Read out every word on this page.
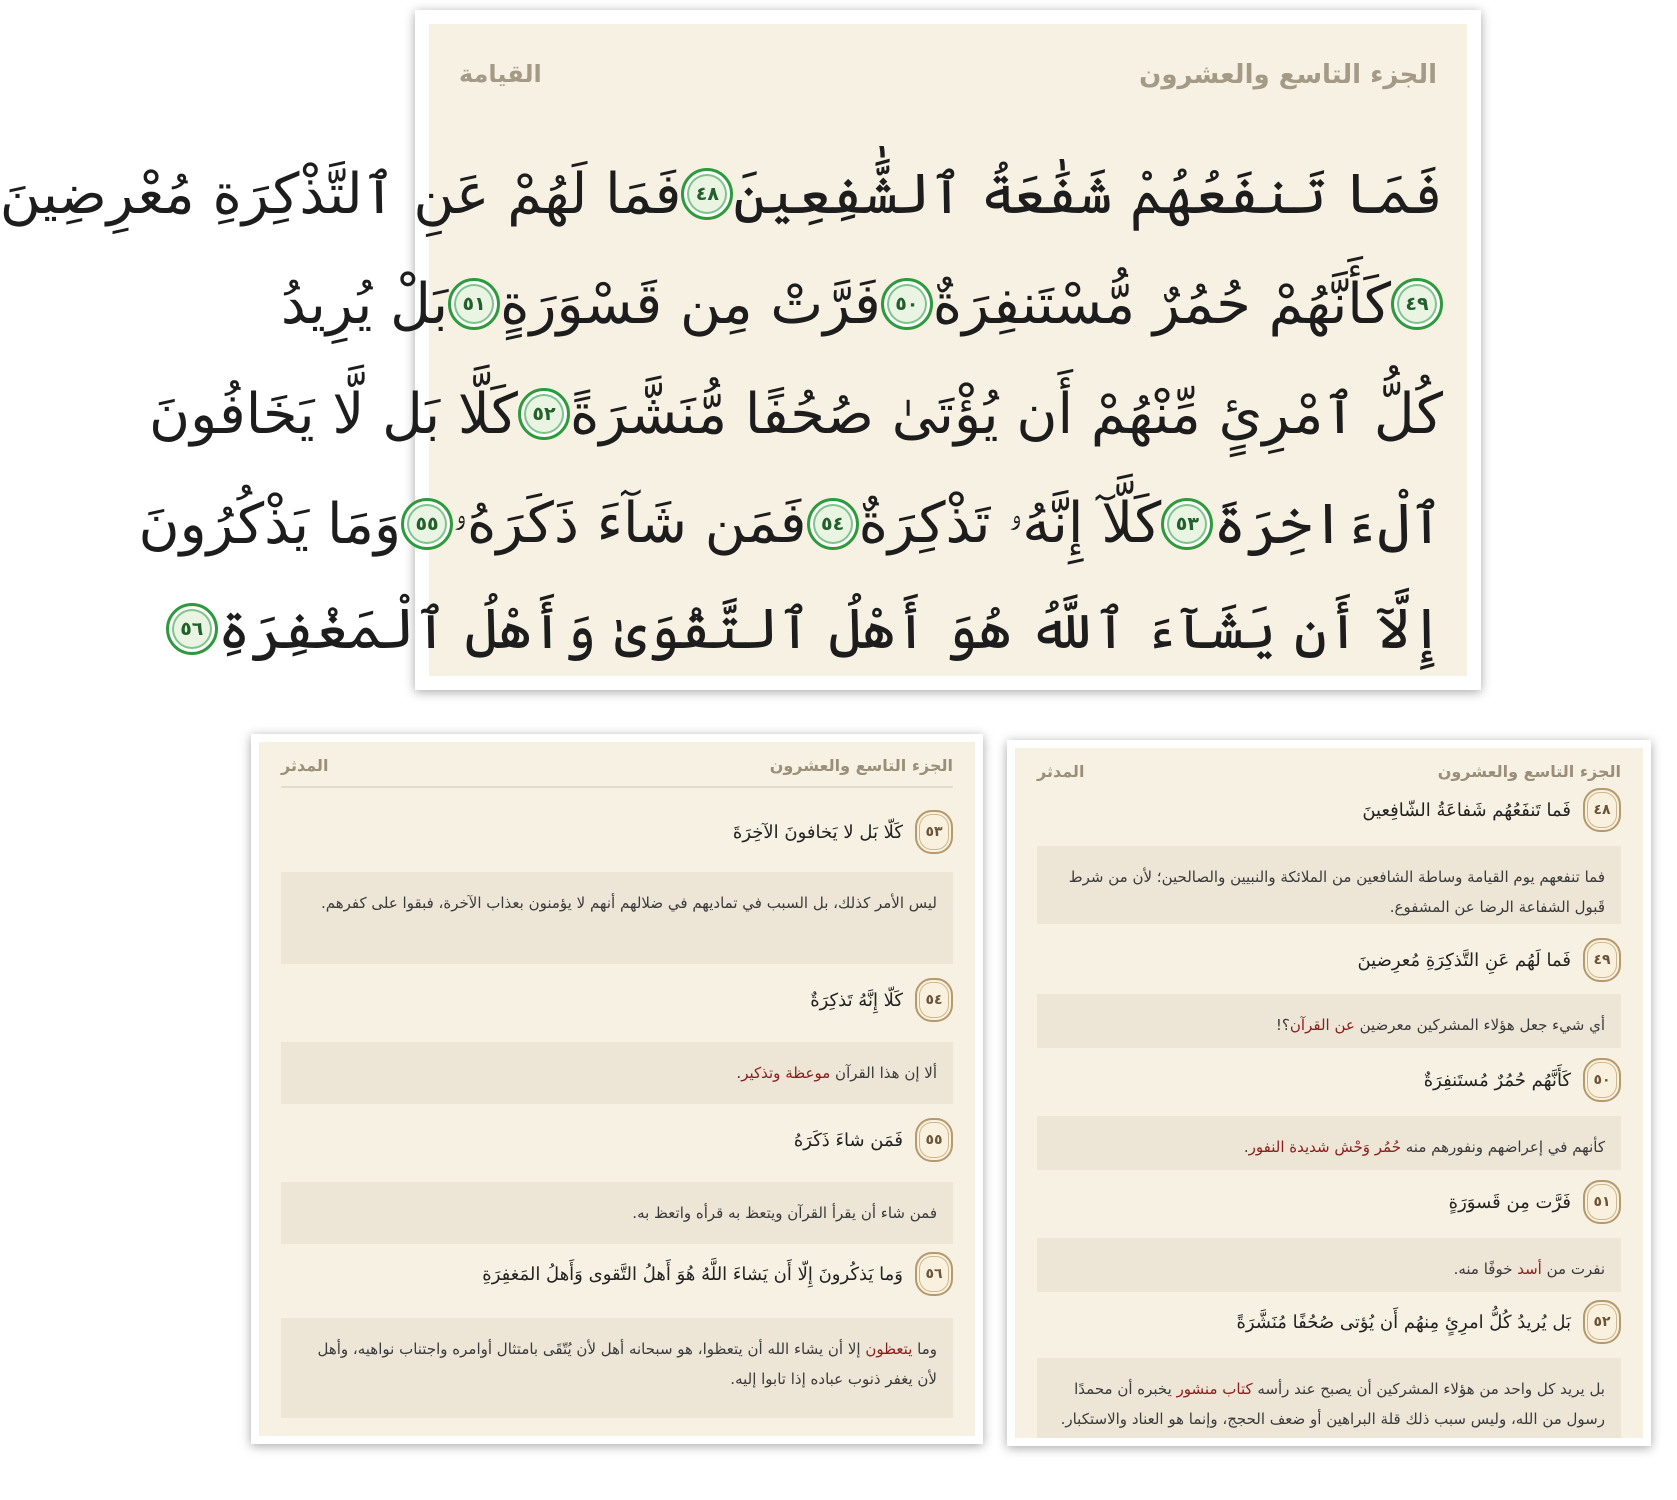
الجزء التاسع والعشرون
القيامة
فَمَا تَنفَعُهُمْ شَفَٰعَةُ ٱلشَّٰفِعِينَ
٤٨
فَمَا لَهُمْ عَنِ ٱلتَّذْكِرَةِ مُعْرِضِينَ
٤٩
كَأَنَّهُمْ حُمُرٌ مُّسْتَنفِرَةٌ
٥٠
فَرَّتْ مِن قَسْوَرَةٍ
٥١
بَلْ يُرِيدُ
كُلُّ ٱمْرِئٍ مِّنْهُمْ أَن يُؤْتَىٰ صُحُفًا مُّنَشَّرَةً
٥٢
كَلَّا بَل لَّا يَخَافُونَ
ٱلْءَاخِرَةَ
٥٣
كَلَّآ إِنَّهُۥ تَذْكِرَةٌ
٥٤
فَمَن شَآءَ ذَكَرَهُۥ
٥٥
وَمَا يَذْكُرُونَ
إِلَّآ أَن يَشَآءَ ٱللَّهُ هُوَ أَهْلُ ٱلتَّقْوَىٰ وَأَهْلُ ٱلْمَغْفِرَةِ
٥٦
الجزء التاسع والعشرون
المدثر
٥٣
كَلّا بَل لا يَخافونَ الآخِرَةَ
ليس الأمر كذلك، بل السبب في تماديهم في ضلالهم أنهم لا يؤمنون بعذاب الآخرة، فبقوا على كفرهم.
٥٤
كَلّا إِنَّهُ تَذكِرَةٌ
ألا إن هذا القرآن موعظة وتذكير.
٥٥
فَمَن شاءَ ذَكَرَهُ
فمن شاء أن يقرأ القرآن ويتعظ به قرأه واتعظ به.
٥٦
وَما يَذكُرونَ إِلّا أَن يَشاءَ اللَّهُ هُوَ أَهلُ التَّقوى وَأَهلُ المَغفِرَةِ
وما يتعظون إلا أن يشاء الله أن يتعظوا، هو سبحانه أهل لأن يُتّقَى بامتثال أوامره واجتناب نواهيه، وأهل لأن يغفر ذنوب عباده إذا تابوا إليه.
الجزء التاسع والعشرون
المدثر
٤٨
فَما تَنفَعُهُم شَفاعَةُ الشّافِعينَ
فما تنفعهم يوم القيامة وساطة الشافعين من الملائكة والنبيين والصالحين؛ لأن من شرط قَبول الشفاعة الرضا عن المشفوع.
٤٩
فَما لَهُم عَنِ التَّذكِرَةِ مُعرِضينَ
أي شيء جعل هؤلاء المشركين معرضين عن القرآن؟!
٥٠
كَأَنَّهُم حُمُرٌ مُستَنفِرَةٌ
كأنهم في إعراضهم ونفورهم منه حُمُر وَحْش شديدة النفور.
٥١
فَرَّت مِن قَسوَرَةٍ
نفرت من أسد خوفًا منه.
٥٢
بَل يُريدُ كُلُّ امرِئٍ مِنهُم أَن يُؤتى صُحُفًا مُنَشَّرَةً
بل يريد كل واحد من هؤلاء المشركين أن يصبح عند رأسه كتاب منشور يخبره أن محمدًا رسول من الله، وليس سبب ذلك قلة البراهين أو ضعف الحجج، وإنما هو العناد والاستكبار.
